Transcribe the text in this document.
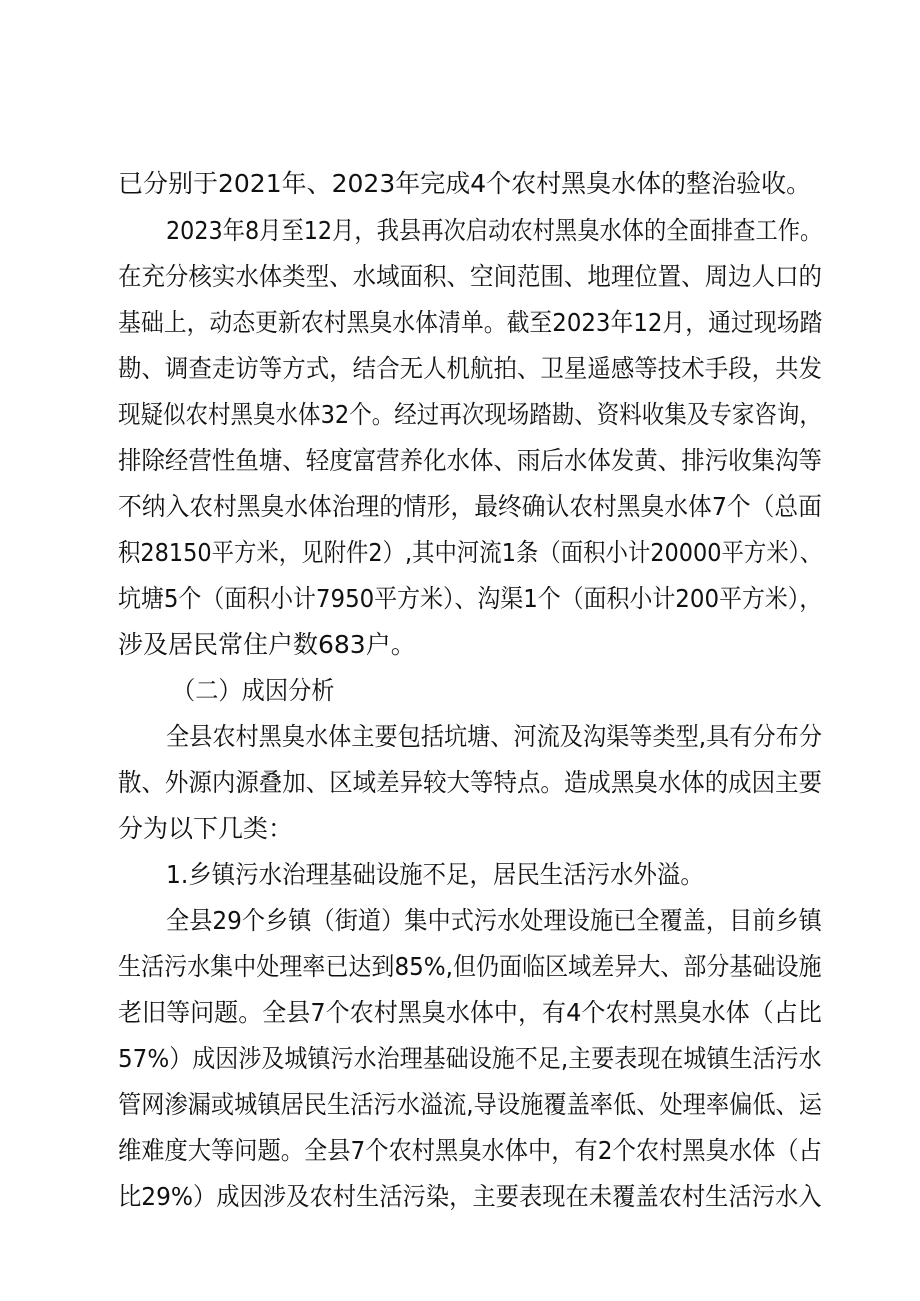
已分别于2021年、2023年完成4个农村黑臭水体的整治验收。
2023年8月至12月，我县再次启动农村黑臭水体的全面排查工作。
在充分核实水体类型、水域面积、空间范围、地理位置、周边人口的
基础上，动态更新农村黑臭水体清单。截至2023年12月，通过现场踏
勘、调查走访等方式，结合无人机航拍、卫星遥感等技术手段，共发
现疑似农村黑臭水体32个。经过再次现场踏勘、资料收集及专家咨询，
排除经营性鱼塘、轻度富营养化水体、雨后水体发黄、排污收集沟等
不纳入农村黑臭水体治理的情形，最终确认农村黑臭水体7个（总面
积28150平方米，见附件2）,其中河流1条（面积小计20000平方米）、
坑塘5个（面积小计7950平方米）、沟渠1个（面积小计200平方米），
涉及居民常住户数683户。
（二）成因分析
全县农村黑臭水体主要包括坑塘、河流及沟渠等类型,具有分布分
散、外源内源叠加、区域差异较大等特点。造成黑臭水体的成因主要
分为以下几类：
1.乡镇污水治理基础设施不足，居民生活污水外溢。
全县29个乡镇（街道）集中式污水处理设施已全覆盖，目前乡镇
生活污水集中处理率已达到85%,但仍面临区域差异大、部分基础设施
老旧等问题。全县7个农村黑臭水体中，有4个农村黑臭水体（占比
57%）成因涉及城镇污水治理基础设施不足,主要表现在城镇生活污水
管网渗漏或城镇居民生活污水溢流,导设施覆盖率低、处理率偏低、运
维难度大等问题。全县7个农村黑臭水体中，有2个农村黑臭水体（占
比29%）成因涉及农村生活污染，主要表现在未覆盖农村生活污水入
